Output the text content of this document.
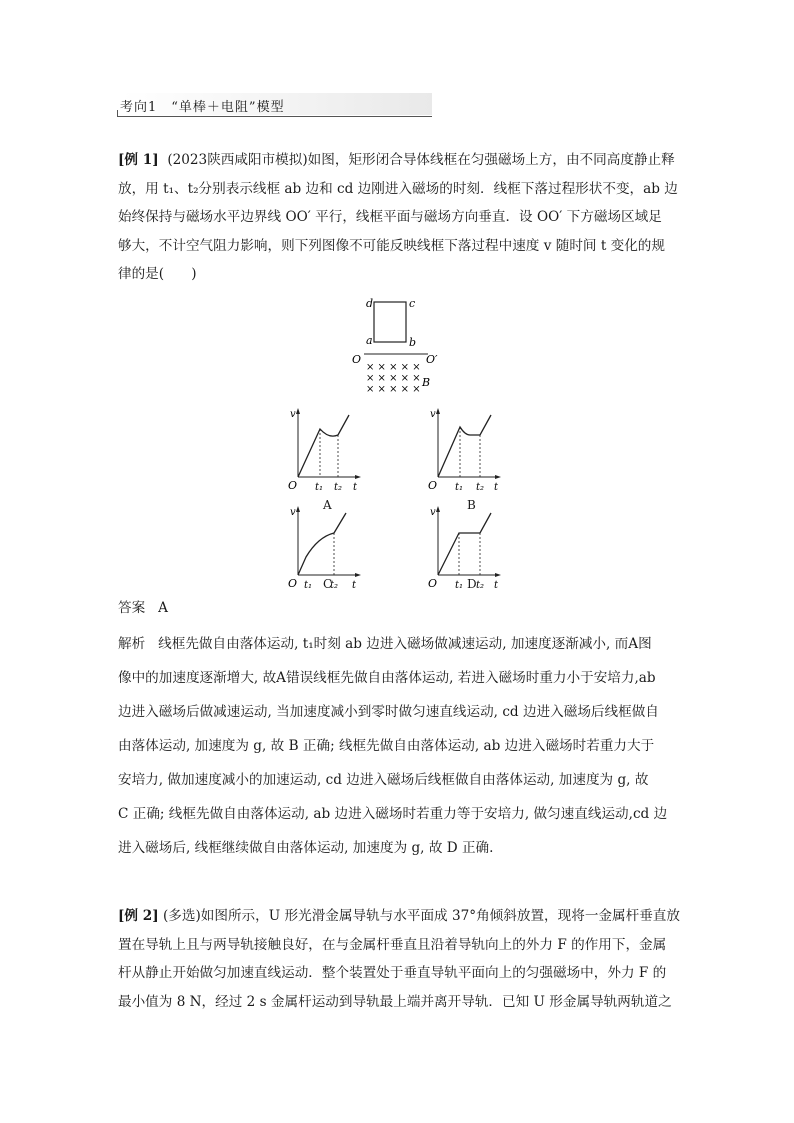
考向1　“单棒＋电阻”模型
[例 1] (2023陕西咸阳市模拟)如图，矩形闭合导体线框在匀强磁场上方，由不同高度静止释
放，用 t₁、t₂分别表示线框 ab 边和 cd 边刚进入磁场的时刻．线框下落过程形状不变，ab 边
始终保持与磁场水平边界线 OO′ 平行，线框平面与磁场方向垂直．设 OO′ 下方磁场区域足
够大，不计空气阻力影响，则下列图像不可能反映线框下落过程中速度 v 随时间 t 变化的规
律的是(　　)
d	c
a	b
O	O′
× × × × ×
× × × × ×
× × × × ×
B
v
O t₁ t₂ t
A
v
O t₁ t₂ t
B
v
O t₁ t₂ t
C
v
O t₁ t₂ t
D
答案 A
解析 线框先做自由落体运动, t₁时刻 ab 边进入磁场做减速运动, 加速度逐渐减小, 而A图
像中的加速度逐渐增大, 故A错误线框先做自由落体运动, 若进入磁场时重力小于安培力,ab
边进入磁场后做减速运动, 当加速度减小到零时做匀速直线运动, cd 边进入磁场后线框做自
由落体运动, 加速度为 g, 故 B 正确; 线框先做自由落体运动, ab 边进入磁场时若重力大于
安培力, 做加速度减小的加速运动, cd 边进入磁场后线框做自由落体运动, 加速度为 g, 故
C 正确; 线框先做自由落体运动, ab 边进入磁场时若重力等于安培力, 做匀速直线运动,cd 边
进入磁场后, 线框继续做自由落体运动, 加速度为 g, 故 D 正确.
[例 2] (多选)如图所示，U 形光滑金属导轨与水平面成 37°角倾斜放置，现将一金属杆垂直放
置在导轨上且与两导轨接触良好，在与金属杆垂直且沿着导轨向上的外力 F 的作用下，金属
杆从静止开始做匀加速直线运动．整个装置处于垂直导轨平面向上的匀强磁场中，外力 F 的
最小值为 8 N，经过 2 s 金属杆运动到导轨最上端并离开导轨．已知 U 形金属导轨两轨道之
